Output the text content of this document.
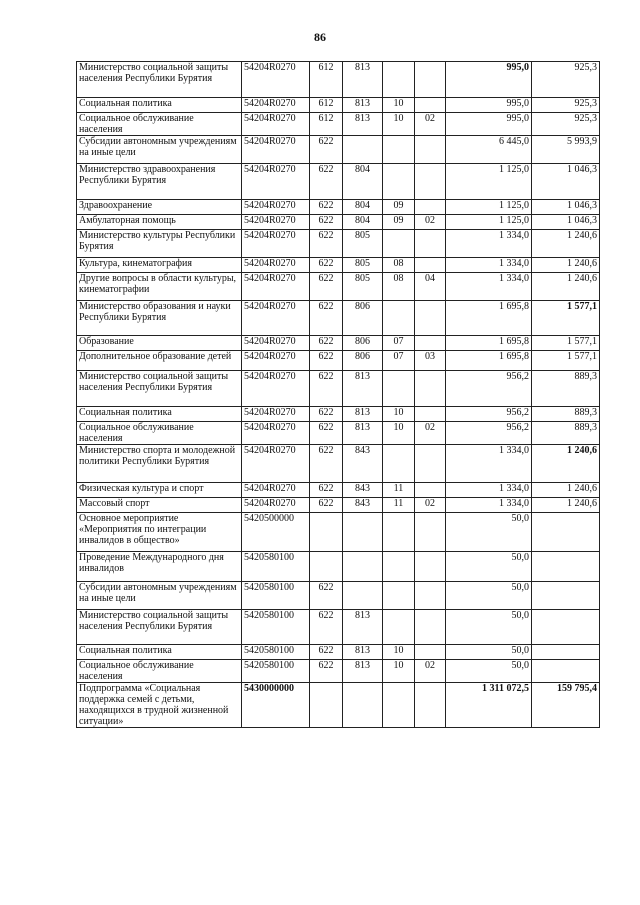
86
Министерство социальной защиты населения Республики Бурятия	54204R0270	612	813			995,0	925,3
Социальная политика	54204R0270	612	813	10		995,0	925,3
Социальное обслуживание населения	54204R0270	612	813	10	02	995,0	925,3
Субсидии автономным учреждениям на иные цели	54204R0270	622				6 445,0	5 993,9
Министерство здравоохранения Республики Бурятия	54204R0270	622	804			1 125,0	1 046,3
Здравоохранение	54204R0270	622	804	09		1 125,0	1 046,3
Амбулаторная помощь	54204R0270	622	804	09	02	1 125,0	1 046,3
Министерство культуры Республики Бурятия	54204R0270	622	805			1 334,0	1 240,6
Культура, кинематография	54204R0270	622	805	08		1 334,0	1 240,6
Другие вопросы в области культуры, кинематографии	54204R0270	622	805	08	04	1 334,0	1 240,6
Министерство образования и науки Республики Бурятия	54204R0270	622	806			1 695,8	1 577,1
Образование	54204R0270	622	806	07		1 695,8	1 577,1
Дополнительное образование детей	54204R0270	622	806	07	03	1 695,8	1 577,1
Министерство социальной защиты населения Республики Бурятия	54204R0270	622	813			956,2	889,3
Социальная политика	54204R0270	622	813	10		956,2	889,3
Социальное обслуживание населения	54204R0270	622	813	10	02	956,2	889,3
Министерство спорта и молодежной политики Республики Бурятия	54204R0270	622	843			1 334,0	1 240,6
Физическая культура и спорт	54204R0270	622	843	11		1 334,0	1 240,6
Массовый спорт	54204R0270	622	843	11	02	1 334,0	1 240,6
Основное мероприятие «Мероприятия по интеграции инвалидов в общество»	5420500000					50,0	
Проведение Международного дня инвалидов	5420580100					50,0	
Субсидии автономным учреждениям на иные цели	5420580100	622				50,0	
Министерство социальной защиты населения Республики Бурятия	5420580100	622	813			50,0	
Социальная политика	5420580100	622	813	10		50,0	
Социальное обслуживание населения	5420580100	622	813	10	02	50,0	
Подпрограмма «Социальная поддержка семей с детьми, находящихся в трудной жизненной ситуации»	5430000000					1 311 072,5	159 795,4
